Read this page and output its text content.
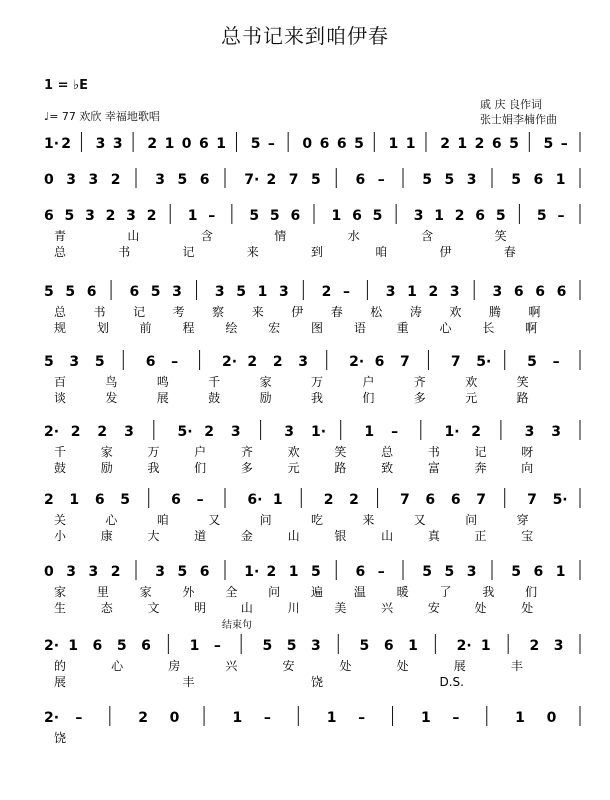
总书记来到咱伊春
1 = ♭E
♩= 77 欢欣 幸福地歌唱
戚 庆 良作词
张士娟李楠作曲
1· 2 3 3 2 1 0 6 1 5 – 0 6 6 5 1 1 2 1 2 6 5 5 –
0 3 3 2 3 5 6 7· 2 7 5 6 –	5 5 3 5 6 1
6 5 3 2 3 2 1 – 5 5 6 1 6 5 3 1 2 6 5 5 –
青	山	含	情	水	含	笑
总	书	记	来	到	咱	伊	春
5 5 6 6 5 3 3 5 1 3 2 –	3 1 2 3 3 6 6 6
总 书 记 考 察 来 伊 春 松 涛 欢 腾 啊
规	划	前	程	绘	宏	图	语	重	心	长	啊
5 3 5	6 –	2· 2 2 3	2· 6 7	7 5·	5 –
百	鸟	鸣	千	家	万	户	齐	欢	笑
谈	发	展	鼓	励	我	们	多	元	路
2· 2 2 3	5· 2 3	3 1·	1 –	1· 2	3 3
千	家	万	户	齐	欢	笑	总	书	记	呀
鼓	励	我	们	多	元	路	致	富	奔	向
2 1 6 5	6 –	6· 1	2 2	7 6 6 7	7 5·
关	心	咱	又	问	吃	来	又	问	穿
小	康	大	道	金	山	银	山	真	正	宝
0 3 3 2 3 5 6 1· 2 1 5 6 –	5 5 3 5 6 1
家	里	家	外	全	问	遍	温	暖	了	我	们
生	态	文	明	山	川	美	兴	安	处	处
2· 1 6 5 6	1 –	5 5 3	5 6 1	2· 1	2 3
结束句
的	心	房	兴	安	处	处	展	丰
展	丰	饶	D.S.
2· –	2 0	1 –	1 –	1 –	1 0
饶
